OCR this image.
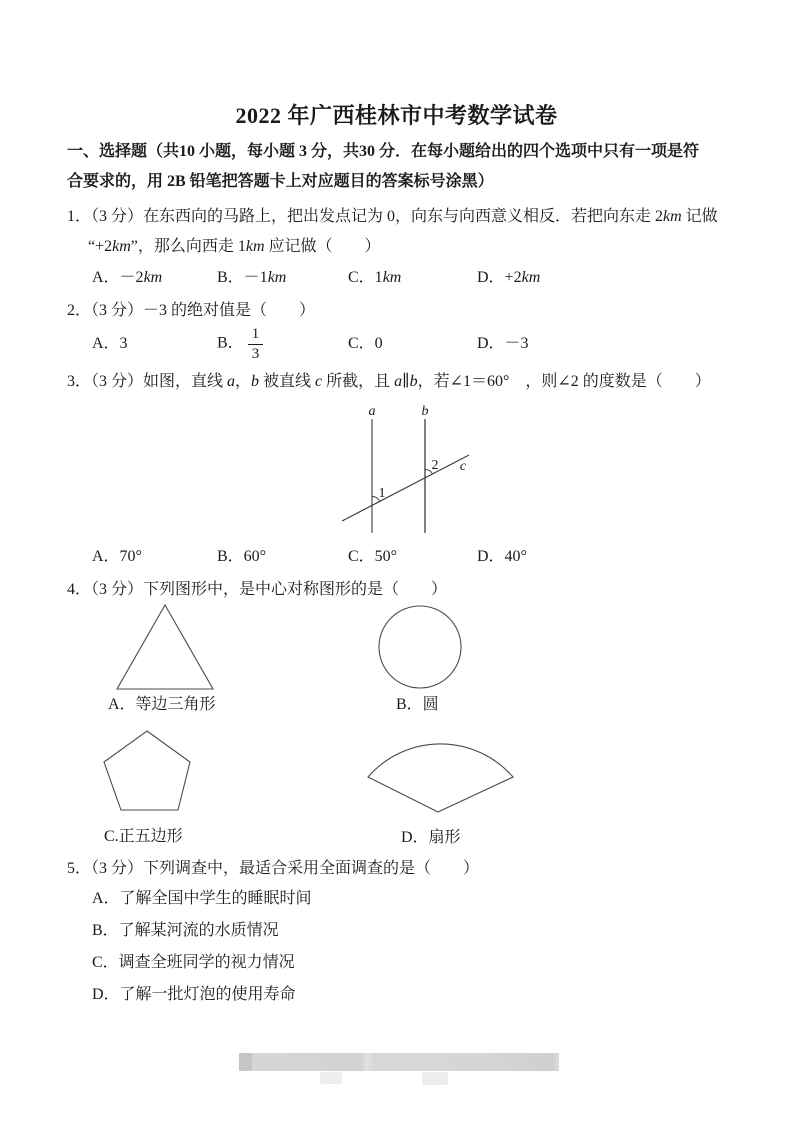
2022 年广西桂林市中考数学试卷
一、选择题（共10 小题，每小题 3 分，共30 分．在每小题给出的四个选项中只有一项是符
合要求的，用 2B 铅笔把答题卡上对应题目的答案标号涂黑）
1．（3 分）在东西向的马路上，把出发点记为 0，向东与向西意义相反．若把向东走 2km 记做
“+2km”，那么向西走 1km 应记做（　　）
A．－2km	B．－1km	C．1km	D．+2km
2．（3 分）－3 的绝对值是（　　）
A．3	B． $\frac{1}{3}$	C．0	D．－3
3．（3 分）如图，直线 a，b 被直线 c 所截，且 a∥b，若∠1＝60°　，则∠2 的度数是（　　）
a	b
c
1
2
A．70°	B．60°	C．50°	D．40°
4．（3 分）下列图形中，是中心对称图形的是（　　）
A．等边三角形	B．圆
C.正五边形	D．扇形
5．（3 分）下列调查中，最适合采用全面调查的是（　　）
A．了解全国中学生的睡眠时间
B．了解某河流的水质情况
C．调查全班同学的视力情况
D．了解一批灯泡的使用寿命
